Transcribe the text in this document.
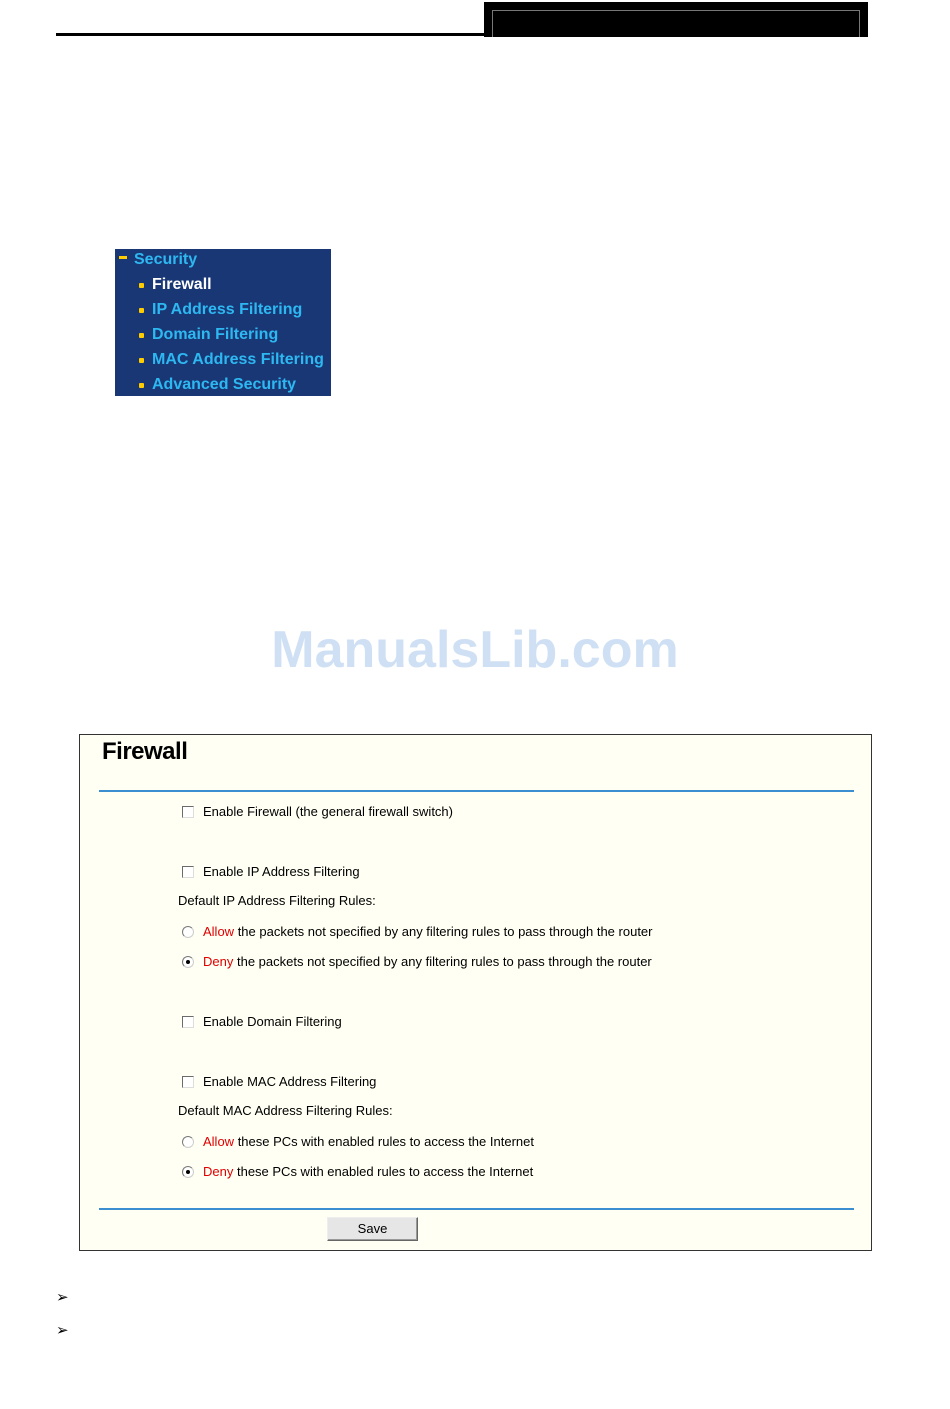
Security
Firewall
IP Address Filtering
Domain Filtering
MAC Address Filtering
Advanced Security
ManualsLib.com
Firewall
Enable Firewall (the general firewall switch)
Enable IP Address Filtering
Default IP Address Filtering Rules:
Allow the packets not specified by any filtering rules to pass through the router
Deny the packets not specified by any filtering rules to pass through the router
Enable Domain Filtering
Enable MAC Address Filtering
Default MAC Address Filtering Rules:
Allow these PCs with enabled rules to access the Internet
Deny these PCs with enabled rules to access the Internet
Save
➢
➢
